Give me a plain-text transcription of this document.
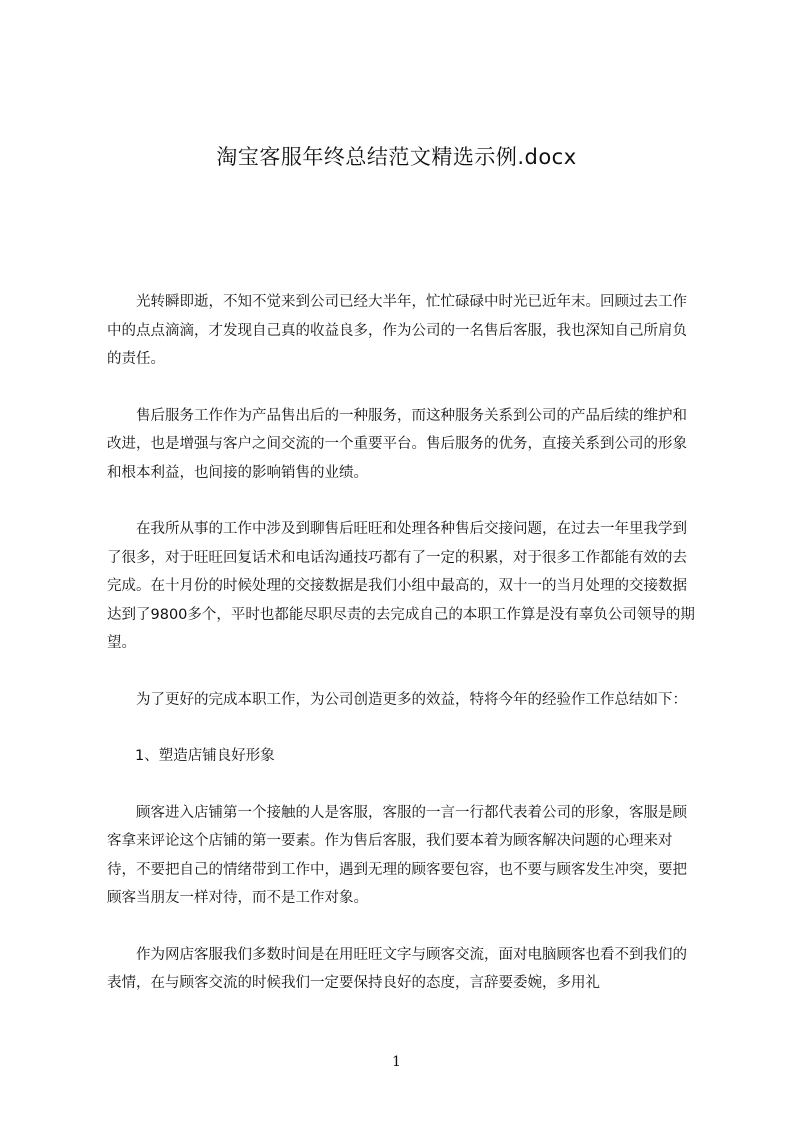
淘宝客服年终总结范文精选示例.docx

光转瞬即逝，不知不觉来到公司已经大半年，忙忙碌碌中时光已近年末。回顾过去工作中的点点滴滴，才发现自己真的收益良多，作为公司的一名售后客服，我也深知自己所肩负的责任。

售后服务工作作为产品售出后的一种服务，而这种服务关系到公司的产品后续的维护和改进，也是增强与客户之间交流的一个重要平台。售后服务的优务，直接关系到公司的形象和根本利益，也间接的影响销售的业绩。

在我所从事的工作中涉及到聊售后旺旺和处理各种售后交接问题，在过去一年里我学到了很多，对于旺旺回复话术和电话沟通技巧都有了一定的积累，对于很多工作都能有效的去完成。在十月份的时候处理的交接数据是我们小组中最高的，双十一的当月处理的交接数据达到了9800多个，平时也都能尽职尽责的去完成自己的本职工作算是没有辜负公司领导的期望。

为了更好的完成本职工作，为公司创造更多的效益，特将今年的经验作工作总结如下：

1、塑造店铺良好形象

顾客进入店铺第一个接触的人是客服，客服的一言一行都代表着公司的形象，客服是顾客拿来评论这个店铺的第一要素。作为售后客服，我们要本着为顾客解决问题的心理来对待，不要把自己的情绪带到工作中，遇到无理的顾客要包容，也不要与顾客发生冲突，要把顾客当朋友一样对待，而不是工作对象。

作为网店客服我们多数时间是在用旺旺文字与顾客交流，面对电脑顾客也看不到我们的表情，在与顾客交流的时候我们一定要保持良好的态度，言辞要委婉，多用礼

1
